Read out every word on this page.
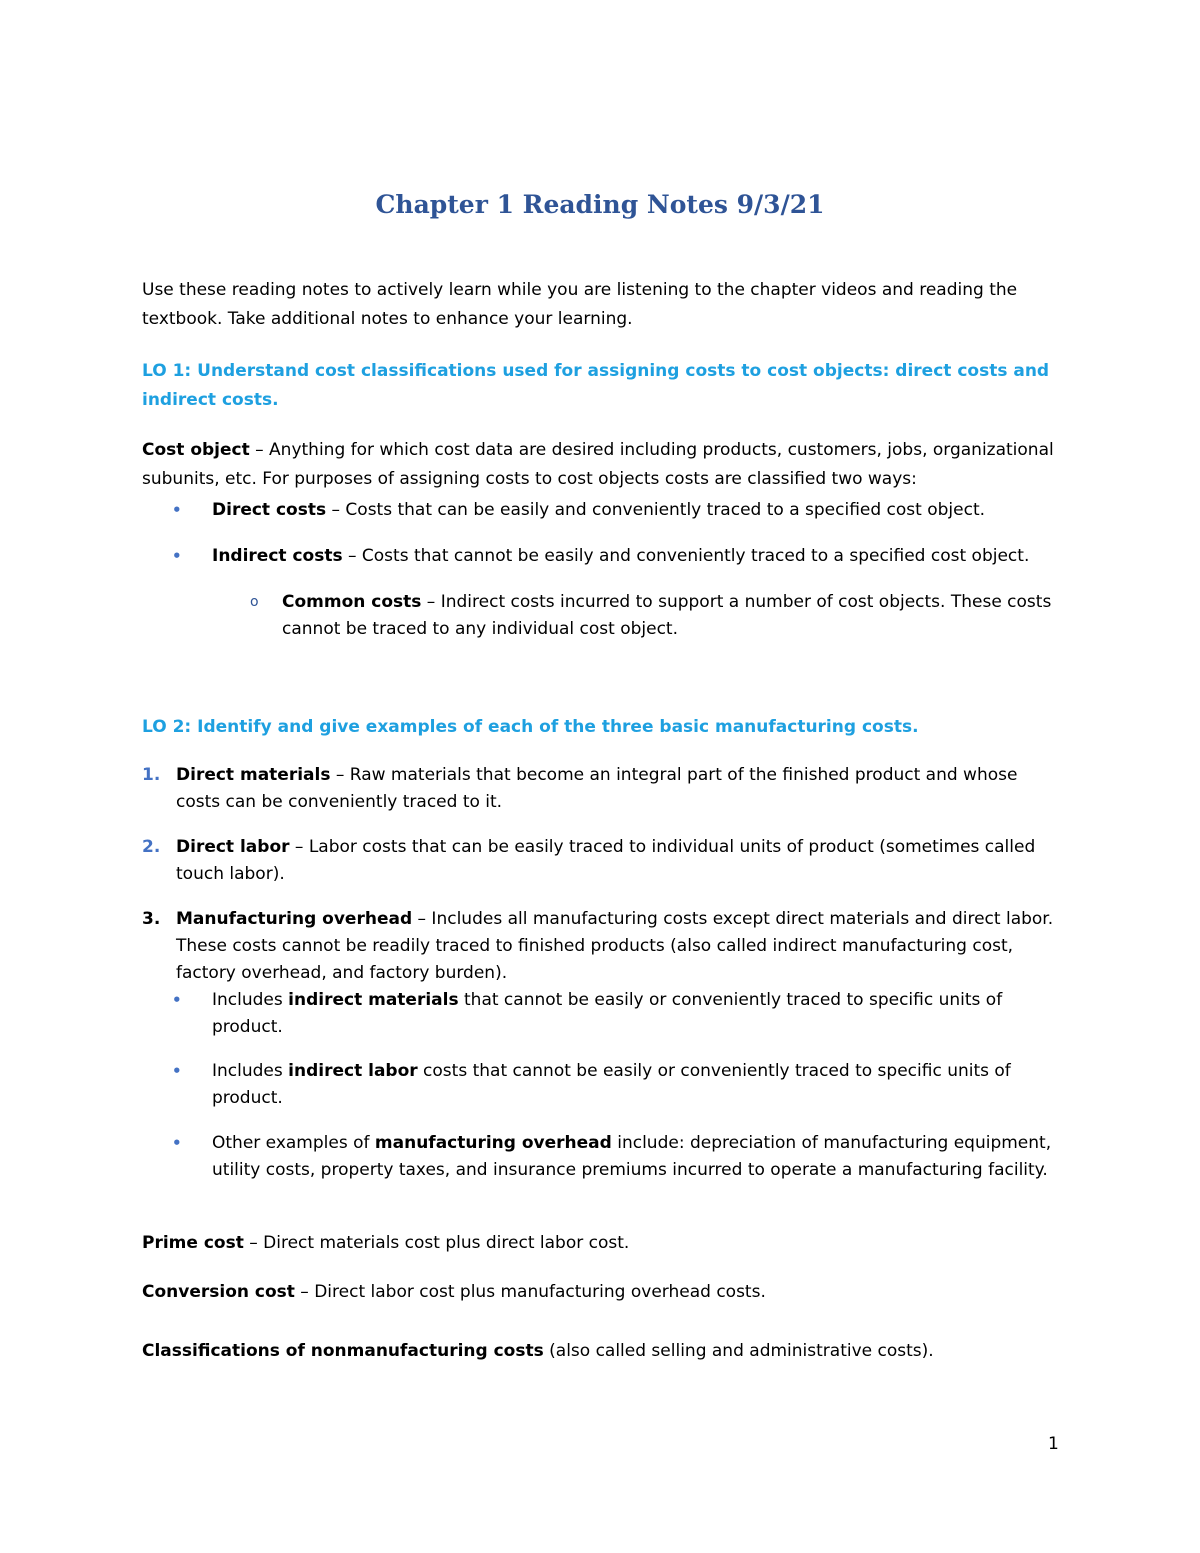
Chapter 1 Reading Notes 9/3/21

Use these reading notes to actively learn while you are listening to the chapter videos and reading the textbook. Take additional notes to enhance your learning.

LO 1: Understand cost classifications used for assigning costs to cost objects: direct costs and indirect costs.

Cost object – Anything for which cost data are desired including products, customers, jobs, organizational subunits, etc. For purposes of assigning costs to cost objects costs are classified two ways:

• Direct costs – Costs that can be easily and conveniently traced to a specified cost object.
• Indirect costs – Costs that cannot be easily and conveniently traced to a specified cost object.
o Common costs – Indirect costs incurred to support a number of cost objects. These costs cannot be traced to any individual cost object.

LO 2: Identify and give examples of each of the three basic manufacturing costs.

1. Direct materials – Raw materials that become an integral part of the finished product and whose costs can be conveniently traced to it.
2. Direct labor – Labor costs that can be easily traced to individual units of product (sometimes called touch labor).
3. Manufacturing overhead – Includes all manufacturing costs except direct materials and direct labor. These costs cannot be readily traced to finished products (also called indirect manufacturing cost, factory overhead, and factory burden).
• Includes indirect materials that cannot be easily or conveniently traced to specific units of product.
• Includes indirect labor costs that cannot be easily or conveniently traced to specific units of product.
• Other examples of manufacturing overhead include: depreciation of manufacturing equipment, utility costs, property taxes, and insurance premiums incurred to operate a manufacturing facility.

Prime cost – Direct materials cost plus direct labor cost.

Conversion cost – Direct labor cost plus manufacturing overhead costs.

Classifications of nonmanufacturing costs (also called selling and administrative costs).

1
